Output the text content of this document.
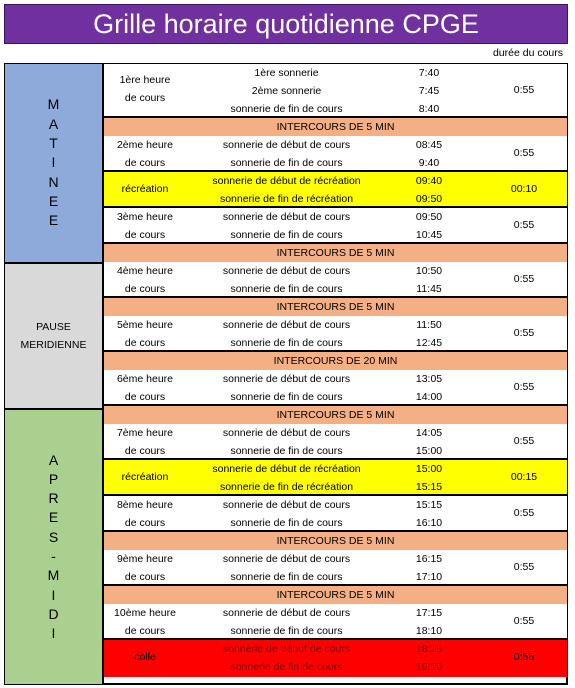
Grille horaire quotidienne CPGE
durée du cours
M
A
T
I
N
E
E
PAUSE
MERIDIENNE
A
P
R
E
S
-
M
I
D
I
1ère heure
de cours
1ère sonnerie
2ème sonnerie
sonnerie de fin de cours
7:40
7:45
8:40
0:55
INTERCOURS DE 5 MIN
2ème heure
de cours
sonnerie de début de cours
sonnerie de fin de cours
08:45
9:40
0:55
récréation
sonnerie de début de récréation
sonnerie de fin de récréation
09:40
09:50
00:10
3ème heure
de cours
sonnerie de début de cours
sonnerie de fin de cours
09:50
10:45
0:55
INTERCOURS DE 5 MIN
4ème heure
de cours
sonnerie de début de cours
sonnerie de fin de cours
10:50
11:45
0:55
INTERCOURS DE 5 MIN
5ème heure
de cours
sonnerie de début de cours
sonnerie de fin de cours
11:50
12:45
0:55
INTERCOURS DE 20 MIN
6ème heure
de cours
sonnerie de début de cours
sonnerie de fin de cours
13:05
14:00
0:55
INTERCOURS DE 5 MIN
7ème heure
de cours
sonnerie de début de cours
sonnerie de fin de cours
14:05
15:00
0:55
récréation
sonnerie de début de récréation
sonnerie de fin de récréation
15:00
15:15
00:15
8ème heure
de cours
sonnerie de début de cours
sonnerie de fin de cours
15:15
16:10
0:55
INTERCOURS DE 5 MIN
9ème heure
de cours
sonnerie de début de cours
sonnerie de fin de cours
16:15
17:10
0:55
INTERCOURS DE 5 MIN
10ème heure
de cours
sonnerie de début de cours
sonnerie de fin de cours
17:15
18:10
0:55
colle
sonnerie de début de cours
sonnerie de fin de cours
18:15
19:10
0:55
